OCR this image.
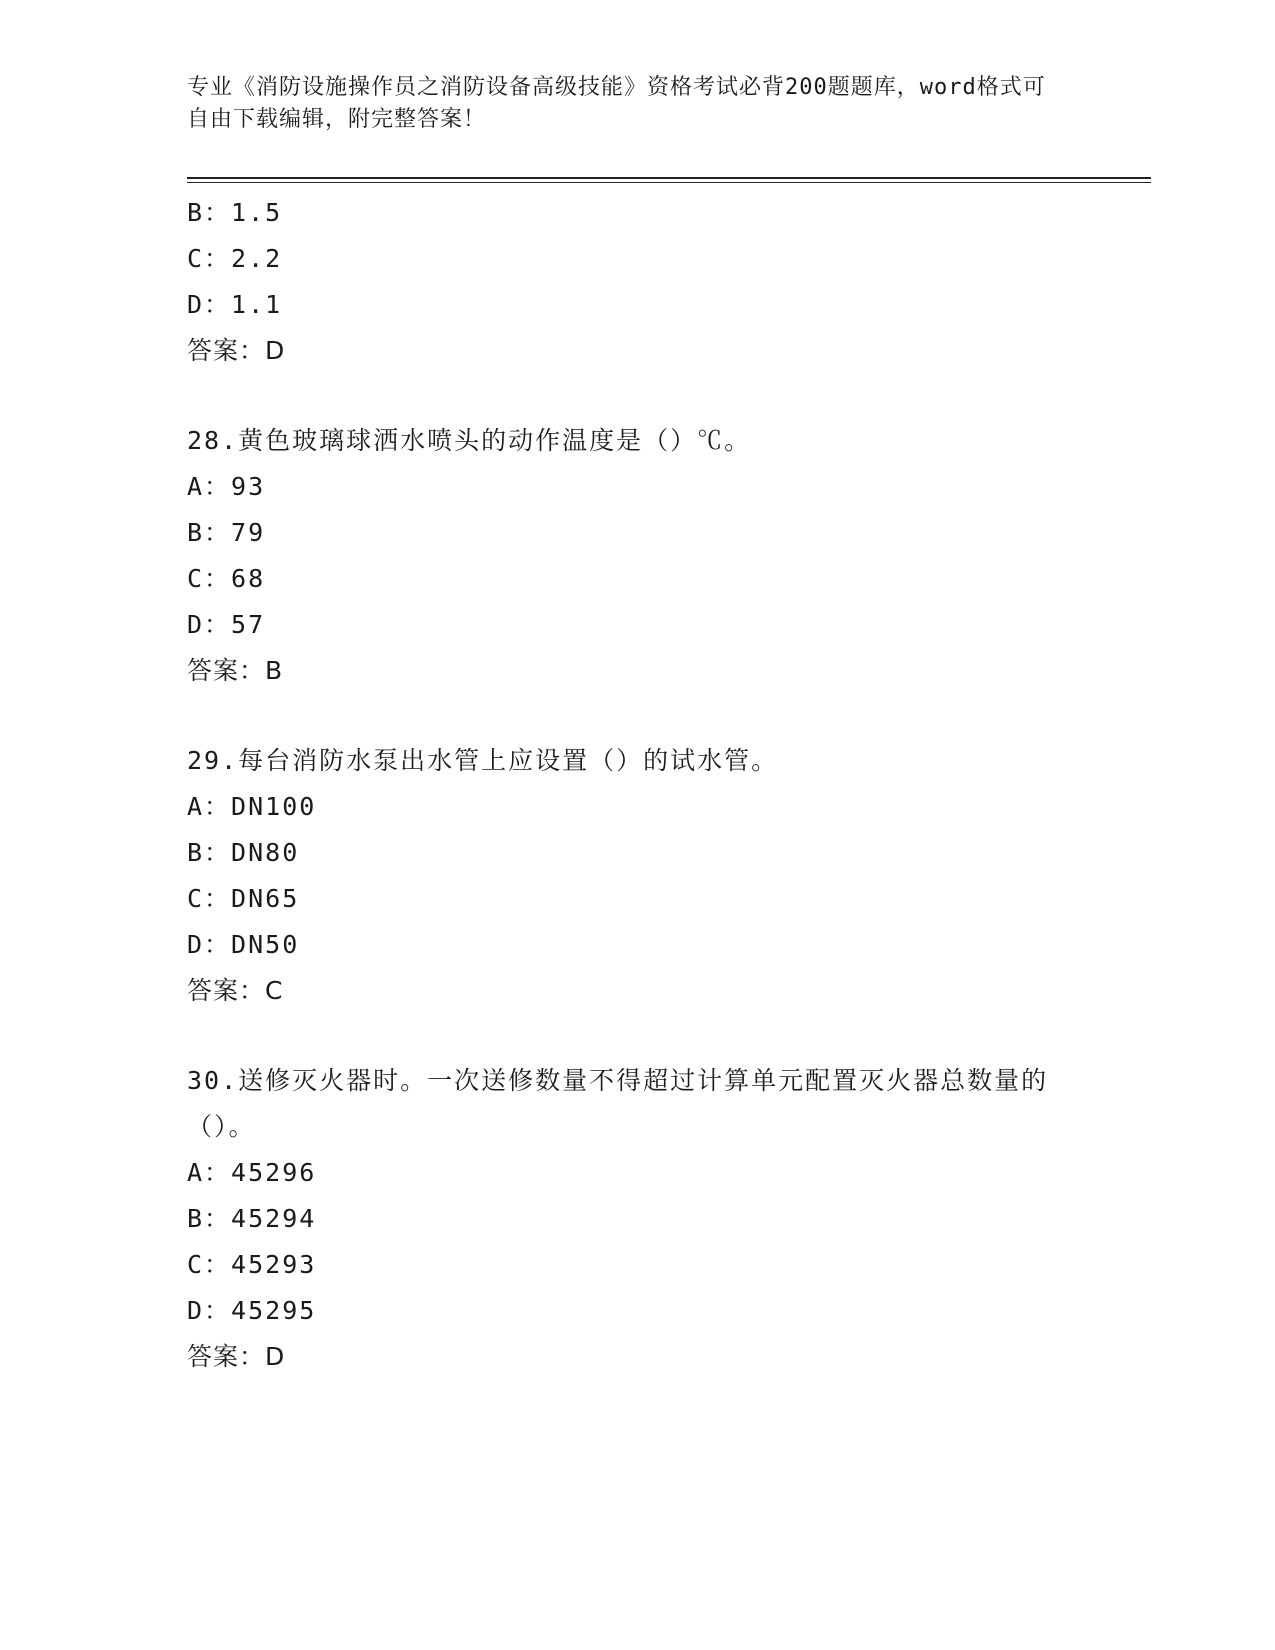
专业《消防设施操作员之消防设备高级技能》资格考试必背200题题库，word格式可自由下载编辑，附完整答案！
B：1.5
C：2.2
D：1.1
答案：D
28.黄色玻璃球洒水喷头的动作温度是（）℃。
A：93
B：79
C：68
D：57
答案：B
29.每台消防水泵出水管上应设置（）的试水管。
A：DN100
B：DN80
C：DN65
D：DN50
答案：C
30.送修灭火器时。一次送修数量不得超过计算单元配置灭火器总数量的（）。
A：45296
B：45294
C：45293
D：45295
答案：D
